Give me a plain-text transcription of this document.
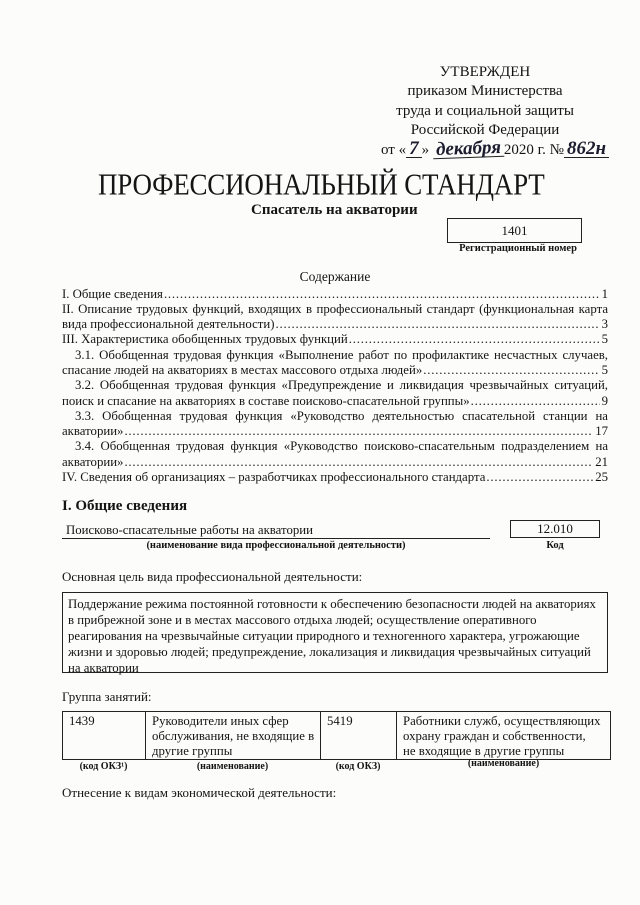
УТВЕРЖДЕН
приказом Министерства
труда и социальной защиты
Российской Федерации
от « 7 » декабря 2020 г. № 862н
ПРОФЕССИОНАЛЬНЫЙ СТАНДАРТ
Спасатель на акватории
1401
Регистрационный номер
Содержание
I. Общие сведения .....	1
II. Описание трудовых функций, входящих в профессиональный стандарт (функциональная карта
вида профессиональной деятельности) .....	3
III. Характеристика обобщенных трудовых функций .....	5
3.1. Обобщенная трудовая функция «Выполнение работ по профилактике несчастных случаев,
спасание людей на акваториях в местах массового отдыха людей» .....	5
3.2. Обобщенная трудовая функция «Предупреждение и ликвидация чрезвычайных ситуаций,
поиск и спасание на акваториях в составе поисково-спасательной группы» .....	9
3.3. Обобщенная трудовая функция «Руководство деятельностью спасательной станции на
акватории» .....	17
3.4. Обобщенная трудовая функция «Руководство поисково-спасательным подразделением на
акватории» .....	21
IV. Сведения об организациях – разработчиках профессионального стандарта .....	25
I. Общие сведения
Поисково-спасательные работы на акватории	12.010
(наименование вида профессиональной деятельности)	Код
Основная цель вида профессиональной деятельности:
Поддержание режима постоянной готовности к обеспечению безопасности людей на акваториях
в прибрежной зоне и в местах массового отдыха людей; осуществление оперативного
реагирования на чрезвычайные ситуации природного и техногенного характера, угрожающие
жизни и здоровью людей; предупреждение, локализация и ликвидация чрезвычайных ситуаций
на акватории
Группа занятий:
1439	Руководители иных сфер
обслуживания, не входящие в
другие группы
5419	Работники служб, осуществляющих
охрану граждан и собственности,
не входящие в другие группы
(код ОКЗ¹)	(наименование)	(код ОКЗ)	(наименование)
Отнесение к видам экономической деятельности:
